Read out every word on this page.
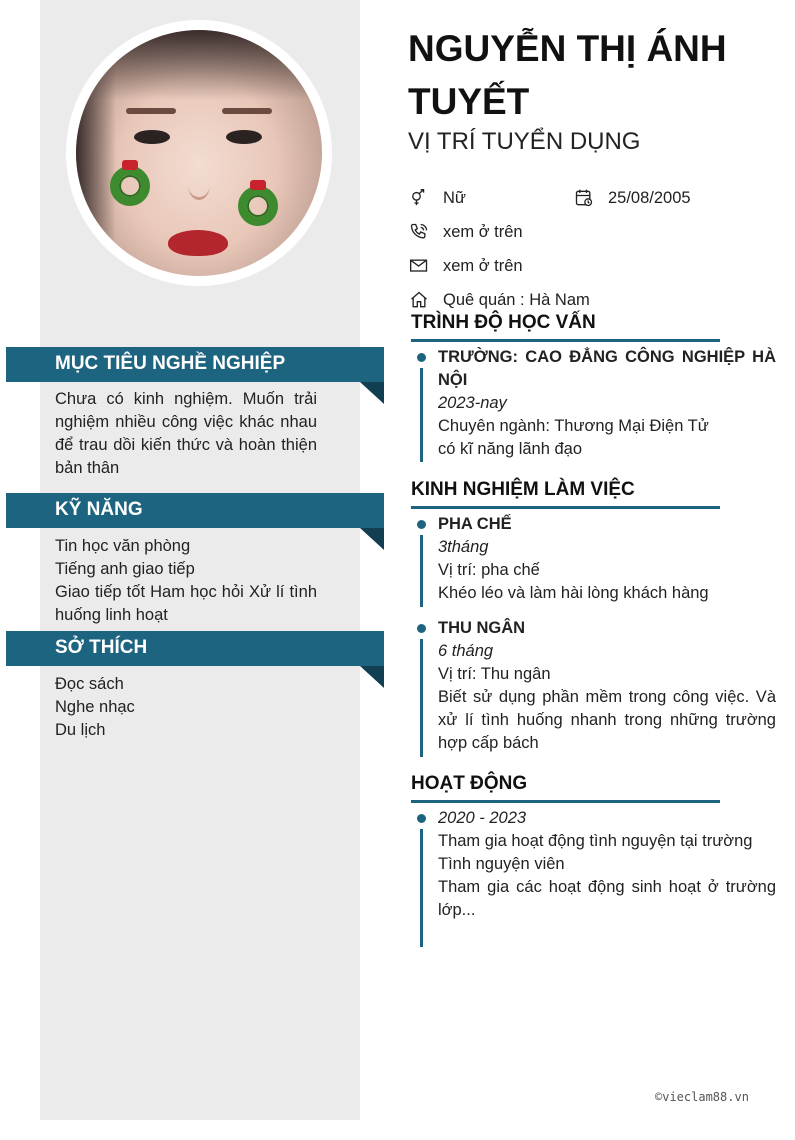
MỤC TIÊU NGHỀ NGHIỆP

Chưa có kinh nghiệm. Muốn trải nghiệm nhiều công việc khác nhau để trau dồi kiến thức và hoàn thiện bản thân

KỸ NĂNG
Tin học văn phòng
Tiếng anh giao tiếp
Giao tiếp tốt Ham học hỏi Xử lí tình huống linh hoạt
SỞ THÍCH
Đọc sách
Nghe nhạc
Du lịch
NGUYỄN THỊ ÁNH TUYẾT
VỊ TRÍ TUYỂN DỤNG
Nữ	25/08/2005
xem ở trên
xem ở trên
Quê quán : Hà Nam
TRÌNH ĐỘ HỌC VẤN
TRƯỜNG: CAO ĐẲNG CÔNG NGHIỆP HÀ NỘI
2023-nay
Chuyên ngành: Thương Mại Điện Tử
có kĩ năng lãnh đạo
KINH NGHIỆM LÀM VIỆC
PHA CHẾ
3tháng
Vị trí: pha chế
Khéo léo và làm hài lòng khách hàng
THU NGÂN
6 tháng
Vị trí: Thu ngân
Biết sử dụng phần mềm trong công việc. Và xử lí tình huống nhanh trong những trường hợp cấp bách
HOẠT ĐỘNG
2020 - 2023
Tham gia hoạt động tình nguyện tại trường
Tình nguyện viên
Tham gia các hoạt động sinh hoạt ở trường lớp...
©vieclam88.vn
